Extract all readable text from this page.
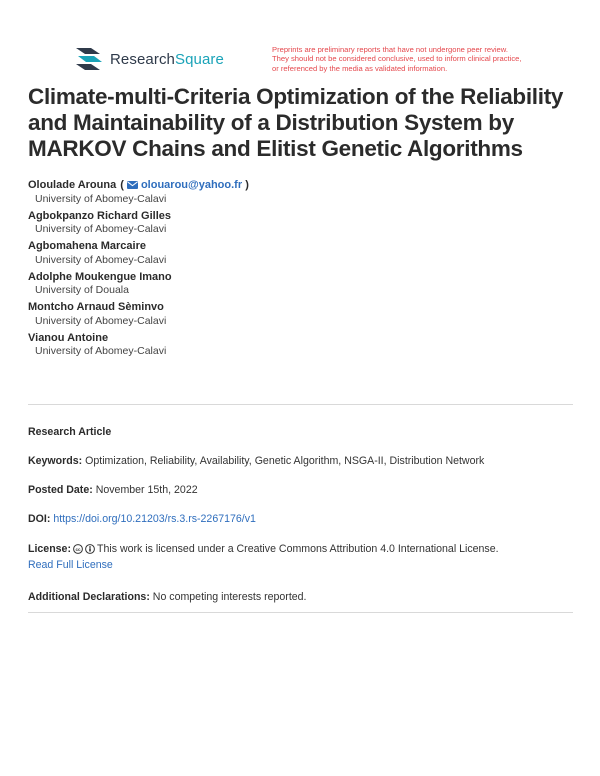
ResearchSquare
Preprints are preliminary reports that have not undergone peer review.
They should not be considered conclusive, used to inform clinical practice,
or referenced by the media as validated information.
Climate-multi-Criteria Optimization of the Reliability
and Maintainability of a Distribution System by
MARKOV Chains and Elitist Genetic Algorithms
Oloulade Arouna ( olouarou@yahoo.fr )
University of Abomey-Calavi
Agbokpanzo Richard Gilles
University of Abomey-Calavi
Agbomahena Marcaire
University of Abomey-Calavi
Adolphe Moukengue Imano
University of Douala
Montcho Arnaud Sèminvo
University of Abomey-Calavi
Vianou Antoine
University of Abomey-Calavi
Research Article
Keywords: Optimization, Reliability, Availability, Genetic Algorithm, NSGA-II, Distribution Network
Posted Date: November 15th, 2022
DOI: https://doi.org/10.21203/rs.3.rs-2267176/v1
License: cc This work is licensed under a Creative Commons Attribution 4.0 International License.
Read Full License
Additional Declarations: No competing interests reported.
